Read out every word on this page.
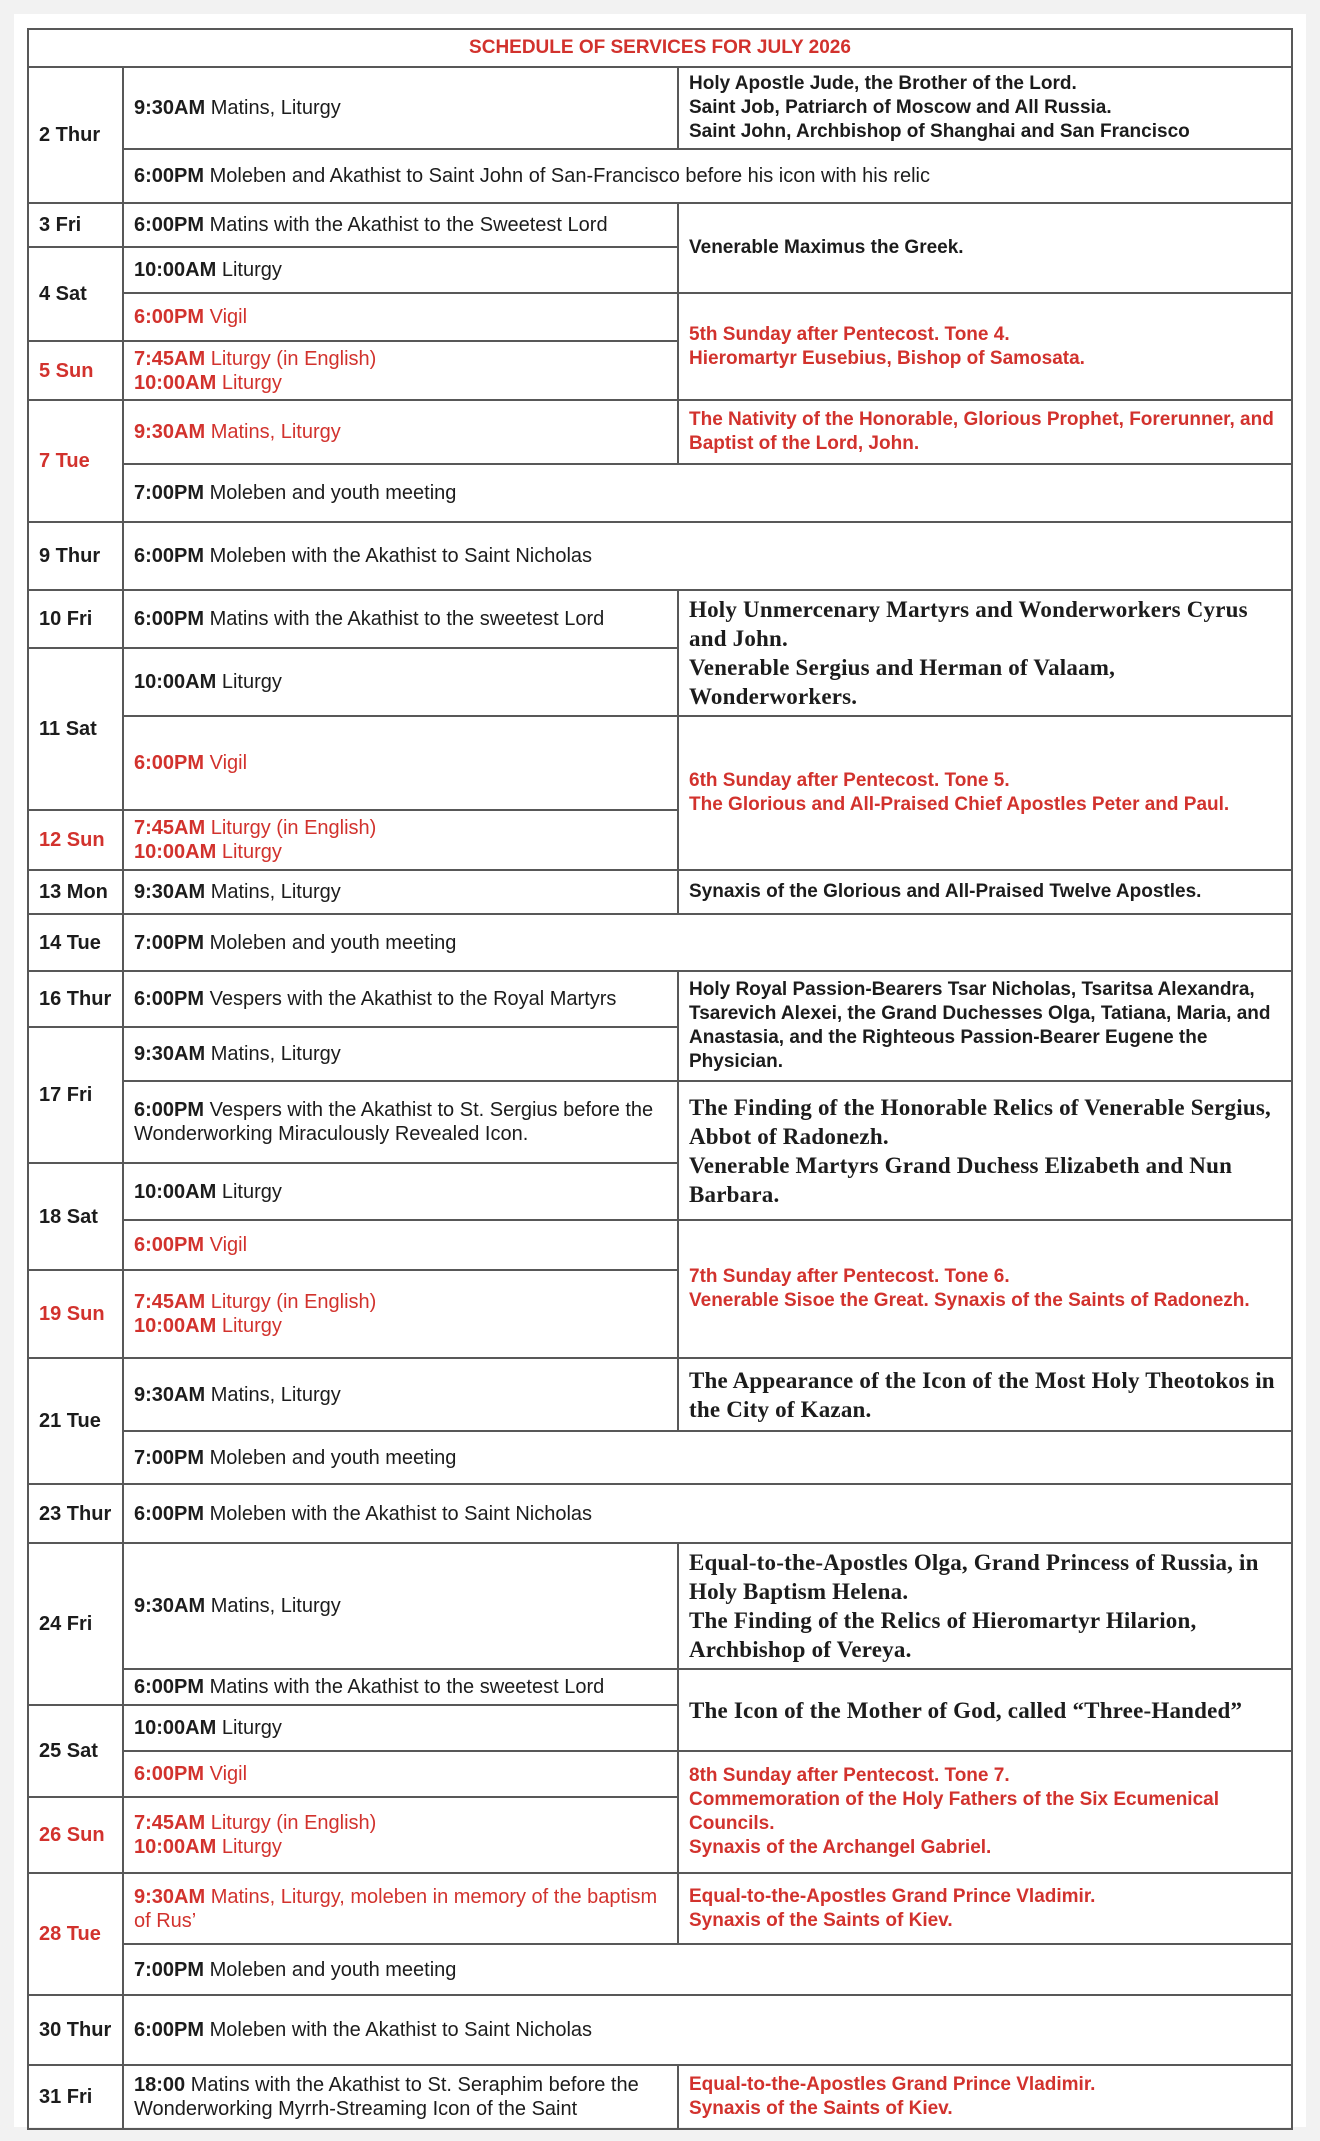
SCHEDULE OF SERVICES FOR JULY 2026		
2 Thur	9:30AM Matins, Liturgy	Holy Apostle Jude, the Brother of the Lord.
Saint Job, Patriarch of Moscow and All Russia.
Saint John, Archbishop of Shanghai and San Francisco

	6:00PM Moleben and Akathist to Saint John of San-Francisco before his icon with his relic	
3 Fri	6:00PM Matins with the Akathist to the Sweetest Lord	Venerable Maximus the Greek.

4 Sat	10:00AM Liturgy	
	6:00PM Vigil	5th Sunday after Pentecost. Tone 4.
Hieromartyr Eusebius, Bishop of Samosata.

5 Sun	7:45AM Liturgy (in English)
10:00AM Liturgy	

7 Tue	9:30AM Matins, Liturgy	The Nativity of the Honorable, Glorious Prophet, Forerunner, and Baptist of the Lord, John.

	7:00PM Moleben and youth meeting	
9 Thur	6:00PM Moleben with the Akathist to Saint Nicholas	
10 Fri	6:00PM Matins with the Akathist to the sweetest Lord	Holy Unmercenary Martyrs and Wonderworkers Cyrus and John.
Venerable Sergius and Herman of Valaam, Wonderworkers.

11 Sat	10:00AM Liturgy	
	6:00PM Vigil	6th Sunday after Pentecost. Tone 5.
The Glorious and All-Praised Chief Apostles Peter and Paul.

12 Sun	7:45AM Liturgy (in English)
10:00AM Liturgy	

13 Mon	9:30AM Matins, Liturgy	Synaxis of the Glorious and All-Praised Twelve Apostles.

14 Tue	7:00PM Moleben and youth meeting	
16 Thur	6:00PM Vespers with the Akathist to the Royal Martyrs	Holy Royal Passion-Bearers Tsar Nicholas, Tsaritsa Alexandra, Tsarevich Alexei, the Grand Duchesses Olga, Tatiana, Maria, and Anastasia, and the Righteous Passion-Bearer Eugene the Physician.

17 Fri	9:30AM Matins, Liturgy	
	6:00PM Vespers with the Akathist to St. Sergius before the Wonderworking Miraculously Revealed Icon.	The Finding of the Honorable Relics of Venerable Sergius, Abbot of Radonezh.
Venerable Martyrs Grand Duchess Elizabeth and Nun Barbara.

18 Sat	10:00AM Liturgy	
	6:00PM Vigil	7th Sunday after Pentecost. Tone 6.
Venerable Sisoe the Great. Synaxis of the Saints of Radonezh.

19 Sun	7:45AM Liturgy (in English)
10:00AM Liturgy	

21 Tue	9:30AM Matins, Liturgy	The Appearance of the Icon of the Most Holy Theotokos in the City of Kazan.

	7:00PM Moleben and youth meeting	
23 Thur	6:00PM Moleben with the Akathist to Saint Nicholas	
24 Fri	9:30AM Matins, Liturgy	Equal-to-the-Apostles Olga, Grand Princess of Russia, in Holy Baptism Helena.
The Finding of the Relics of Hieromartyr Hilarion, Archbishop of Vereya.

	6:00PM Matins with the Akathist to the sweetest Lord	The Icon of the Mother of God, called “Three-Handed”

25 Sat	10:00AM Liturgy	
	6:00PM Vigil	8th Sunday after Pentecost. Tone 7.
Commemoration of the Holy Fathers of the Six Ecumenical Councils.
Synaxis of the Archangel Gabriel.

26 Sun	7:45AM Liturgy (in English)
10:00AM Liturgy	

28 Tue	9:30AM Matins, Liturgy, moleben in memory of the baptism of Rus’	Equal-to-the-Apostles Grand Prince Vladimir.
Synaxis of the Saints of Kiev.

	7:00PM Moleben and youth meeting	
30 Thur	6:00PM Moleben with the Akathist to Saint Nicholas	
31 Fri	18:00 Matins with the Akathist to St. Seraphim before the Wonderworking Myrrh-Streaming Icon of the Saint	Equal-to-the-Apostles Grand Prince Vladimir.
Synaxis of the Saints of Kiev.
